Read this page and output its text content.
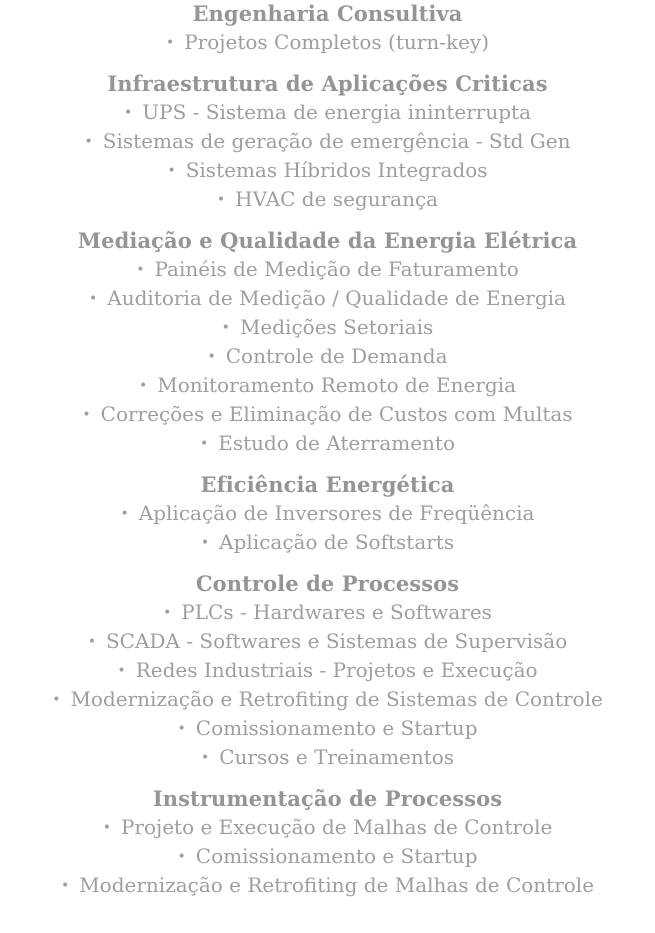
Engenharia Consultiva
• Projetos Completos (turn-key)
Infraestrutura de Aplicações Criticas
• UPS - Sistema de energia ininterrupta
• Sistemas de geração de emergência - Std Gen
• Sistemas Híbridos Integrados
• HVAC de segurança
Mediação e Qualidade da Energia Elétrica
• Painéis de Medição de Faturamento
• Auditoria de Medição / Qualidade de Energia
• Medições Setoriais
• Controle de Demanda
• Monitoramento Remoto de Energia
• Correções e Eliminação de Custos com Multas
• Estudo de Aterramento
Eficiência Energética
• Aplicação de Inversores de Freqüência
• Aplicação de Softstarts
Controle de Processos
• PLCs - Hardwares e Softwares
• SCADA - Softwares e Sistemas de Supervisão
• Redes Industriais - Projetos e Execução
• Modernização e Retrofiting de Sistemas de Controle
• Comissionamento e Startup
• Cursos e Treinamentos
Instrumentação de Processos
• Projeto e Execução de Malhas de Controle
• Comissionamento e Startup
• Modernização e Retrofiting de Malhas de Controle
